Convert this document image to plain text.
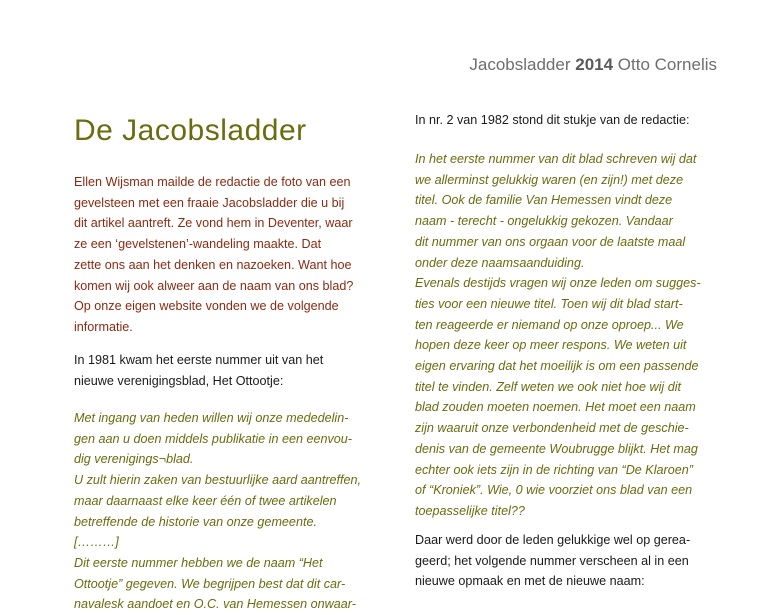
Jacobsladder 2014 Otto Cornelis
De Jacobsladder
Ellen Wijsman mailde de redactie de foto van een
gevelsteen met een fraaie Jacobsladder die u bij
dit artikel aantreft. Ze vond hem in Deventer, waar
ze een ‘gevelstenen’-wandeling maakte. Dat
zette ons aan het denken en nazoeken. Want hoe
komen wij ook alweer aan de naam van ons blad?
Op onze eigen website vonden we de volgende
informatie.
In 1981 kwam het eerste nummer uit van het
nieuwe verenigingsblad, Het Ottootje:
Met ingang van heden willen wij onze mededelin-
gen aan u doen middels publikatie in een eenvou-
dig verenigings¬blad.
U zult hierin zaken van bestuurlijke aard aantreffen,
maar daarnaast elke keer één of twee artikelen
betreffende de historie van onze gemeente.
[………]
Dit eerste nummer hebben we de naam “Het
Ottootje” gegeven. We begrijpen best dat dit car-
navalesk aandoet en O.C. van Hemessen onwaar-
In nr. 2 van 1982 stond dit stukje van de redactie:
In het eerste nummer van dit blad schreven wij dat
we allerminst gelukkig waren (en zijn!) met deze
titel. Ook de familie Van Hemessen vindt deze
naam - terecht - ongelukkig gekozen. Vandaar
dit nummer van ons orgaan voor de laatste maal
onder deze naamsaanduiding.
Evenals destijds vragen wij onze leden om sugges-
ties voor een nieuwe titel. Toen wij dit blad start-
ten reageerde er niemand op onze oproep... We
hopen deze keer op meer respons. We weten uit
eigen ervaring dat het moeilijk is om een passende
titel te vinden. Zelf weten we ook niet hoe wij dit
blad zouden moeten noemen. Het moet een naam
zijn waaruit onze verbondenheid met de geschie-
denis van de gemeente Woubrugge blijkt. Het mag
echter ook iets zijn in de richting van “De Klaroen”
of “Kroniek”. Wie, 0 wie voorziet ons blad van een
toepasselijke titel??
Daar werd door de leden gelukkige wel op gerea-
geerd; het volgende nummer verscheen al in een
nieuwe opmaak en met de nieuwe naam:
